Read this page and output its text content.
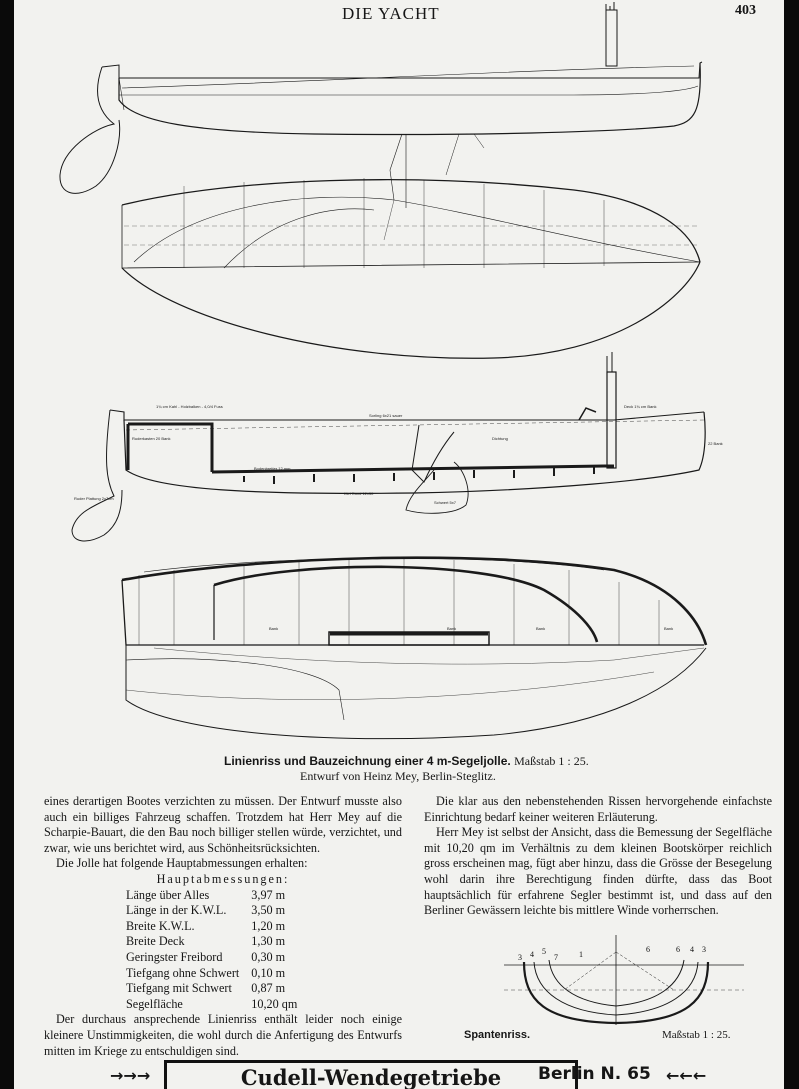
DIE YACHT	403
1¾ cm Kahl - Holzbalken - 4,0/4 Fuss
Sorling 6x21 sauer
Deck 1¾ cm Bank
Ruderkasten 20 Bank
Bodenbretter 12 mm
Kiel Rund 12x30
Schwert 5x7
Dichtung
Ruder Plattung 2x7cm
22 Bank
Bank	Bank	Bank	Bank
Linienriss und Bauzeichnung einer 4 m-Segeljolle. Maßstab 1 : 25.
Entwurf von Heinz Mey, Berlin-Steglitz.

eines derartigen Bootes verzichten zu müssen. Der Entwurf musste also auch ein billiges Fahrzeug schaffen. Trotzdem hat Herr Mey auf die Scharpie-Bauart, die den Bau noch billiger stellen würde, verzichtet, und zwar, wie uns berichtet wird, aus Schönheitsrücksichten.

Die Jolle hat folgende Hauptabmessungen erhalten:

Hauptabmessungen:
Länge über Alles	3,97 m
Länge in der K.W.L.	3,50 m
Breite K.W.L.	1,20 m
Breite Deck	1,30 m
Geringster Freibord	0,30 m
Tiefgang ohne Schwert	0,10 m
Tiefgang mit Schwert	0,87 m
Segelfläche	10,20 qm

Der durchaus ansprechende Linienriss enthält leider noch einige kleinere Unstimmigkeiten, die wohl durch die Anfertigung des Entwurfs mitten im Kriege zu entschuldigen sind.

Die klar aus den nebenstehenden Rissen hervorgehende einfachste Einrichtung bedarf keiner weiteren Erläuterung.

Herr Mey ist selbst der Ansicht, dass die Bemessung der Segelfläche mit 10,20 qm im Verhältnis zu dem kleinen Bootskörper reichlich gross erscheinen mag, fügt aber hinzu, dass die Grösse der Besegelung wohl darin ihre Berechtigung finden dürfte, dass das Boot hauptsächlich für erfahrene Segler bestimmt ist, und dass auf den Berliner Gewässern leichte bis mittlere Winde vorherrschen.

3 4 5
7	1
6	6 4 3
Spantenriss.	Maßstab 1 : 25.
→→→	Cudell-Wendegetriebe	Berlin N. 65 ←←←
